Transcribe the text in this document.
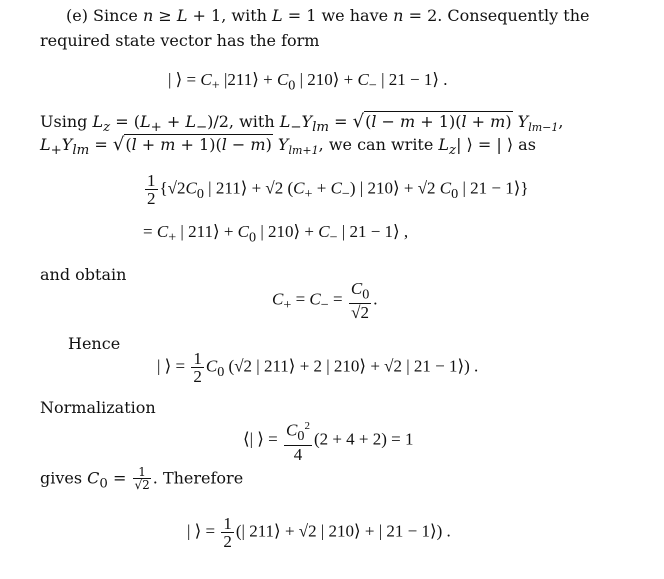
(e) Since n ≥ L + 1, with L = 1 we have n = 2. Consequently the
required state vector has the form
| ⟩ = $C_+$ |211⟩ + $C_0$ | 210⟩ + $C_-$ | 21 − 1⟩ .
Using $L_z = (L_+ + L_-)/2$, with $L_-Y_{lm} = √(l - m + 1)(l + m)$ $Y_{lm-1}$,
$L_+Y_{lm} = √(l + m + 1)(l - m)$ $Y_{lm+1}$, we can write $L_z|$ ⟩ = | ⟩ as
$\frac{1}{2} \{√2C_0$ | 211⟩ + √2 $(C_+ + C_-)$ | 210⟩ + √2 $C_0$ | 21 − 1⟩}
= $C_+$ | 211⟩ + $C_0$ | 210⟩ + $C_-$ | 21 − 1⟩ ,
and obtain
$C_+ = C_- = \frac{C_0}{√2}$ .
Hence
| ⟩ = $\frac{1}{2} C_0$ (√2 | 211⟩ + 2 | 210⟩ + √2 | 21 − 1⟩) .
Normalization
⟨| ⟩ = $\frac{C_0^2}{4} (2 + 4 + 2) = 1$
gives $C_0 = \frac{1}{√2}$ . Therefore
| ⟩ = $\frac{1}{2}$ (| 211⟩ + √2 | 210⟩ + | 21 − 1⟩) .
